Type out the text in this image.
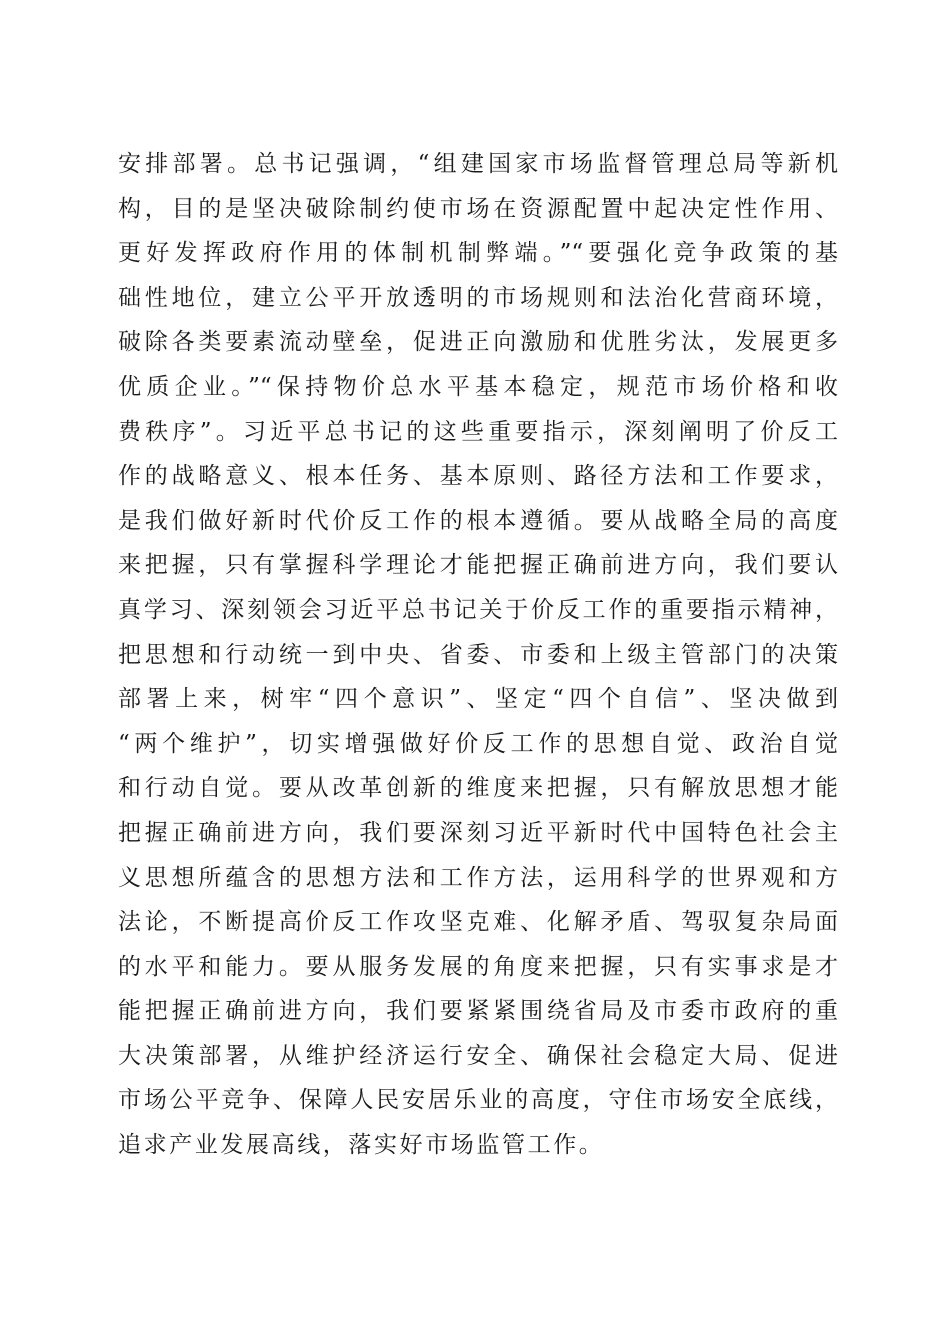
安排部署。总书记强调，“组建国家市场监督管理总局等新机
构，目的是坚决破除制约使市场在资源配置中起决定性作用、
更好发挥政府作用的体制机制弊端。”“要强化竞争政策的基
础性地位，建立公平开放透明的市场规则和法治化营商环境，
破除各类要素流动壁垒，促进正向激励和优胜劣汰，发展更多
优质企业。”“保持物价总水平基本稳定，规范市场价格和收
费秩序”。习近平总书记的这些重要指示，深刻阐明了价反工
作的战略意义、根本任务、基本原则、路径方法和工作要求，
是我们做好新时代价反工作的根本遵循。要从战略全局的高度
来把握，只有掌握科学理论才能把握正确前进方向，我们要认
真学习、深刻领会习近平总书记关于价反工作的重要指示精神，
把思想和行动统一到中央、省委、市委和上级主管部门的决策
部署上来，树牢“四个意识”、坚定“四个自信”、坚决做到
“两个维护”，切实增强做好价反工作的思想自觉、政治自觉
和行动自觉。要从改革创新的维度来把握，只有解放思想才能
把握正确前进方向，我们要深刻习近平新时代中国特色社会主
义思想所蕴含的思想方法和工作方法，运用科学的世界观和方
法论，不断提高价反工作攻坚克难、化解矛盾、驾驭复杂局面
的水平和能力。要从服务发展的角度来把握，只有实事求是才
能把握正确前进方向，我们要紧紧围绕省局及市委市政府的重
大决策部署，从维护经济运行安全、确保社会稳定大局、促进
市场公平竞争、保障人民安居乐业的高度，守住市场安全底线，
追求产业发展高线，落实好市场监管工作。
